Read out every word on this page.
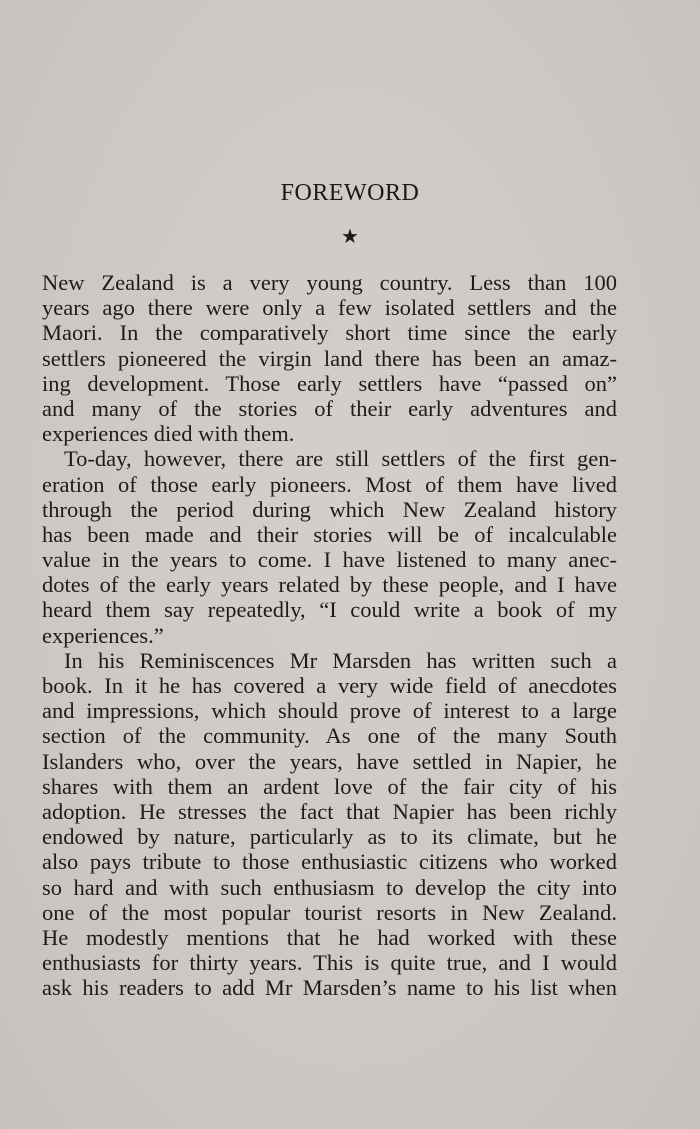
FOREWORD
★
New Zealand is a very young country. Less than 100
years ago there were only a few isolated settlers and the
Maori. In the comparatively short time since the early
settlers pioneered the virgin land there has been an amaz-
ing development. Those early settlers have “passed on”
and many of the stories of their early adventures and
experiences died with them.
To-day, however, there are still settlers of the first gen-
eration of those early pioneers. Most of them have lived
through the period during which New Zealand history
has been made and their stories will be of incalculable
value in the years to come. I have listened to many anec-
dotes of the early years related by these people, and I have
heard them say repeatedly, “I could write a book of my
experiences.”
In his Reminiscences Mr Marsden has written such a
book. In it he has covered a very wide field of anecdotes
and impressions, which should prove of interest to a large
section of the community. As one of the many South
Islanders who, over the years, have settled in Napier, he
shares with them an ardent love of the fair city of his
adoption. He stresses the fact that Napier has been richly
endowed by nature, particularly as to its climate, but he
also pays tribute to those enthusiastic citizens who worked
so hard and with such enthusiasm to develop the city into
one of the most popular tourist resorts in New Zealand.
He modestly mentions that he had worked with these
enthusiasts for thirty years. This is quite true, and I would
ask his readers to add Mr Marsden’s name to his list when
